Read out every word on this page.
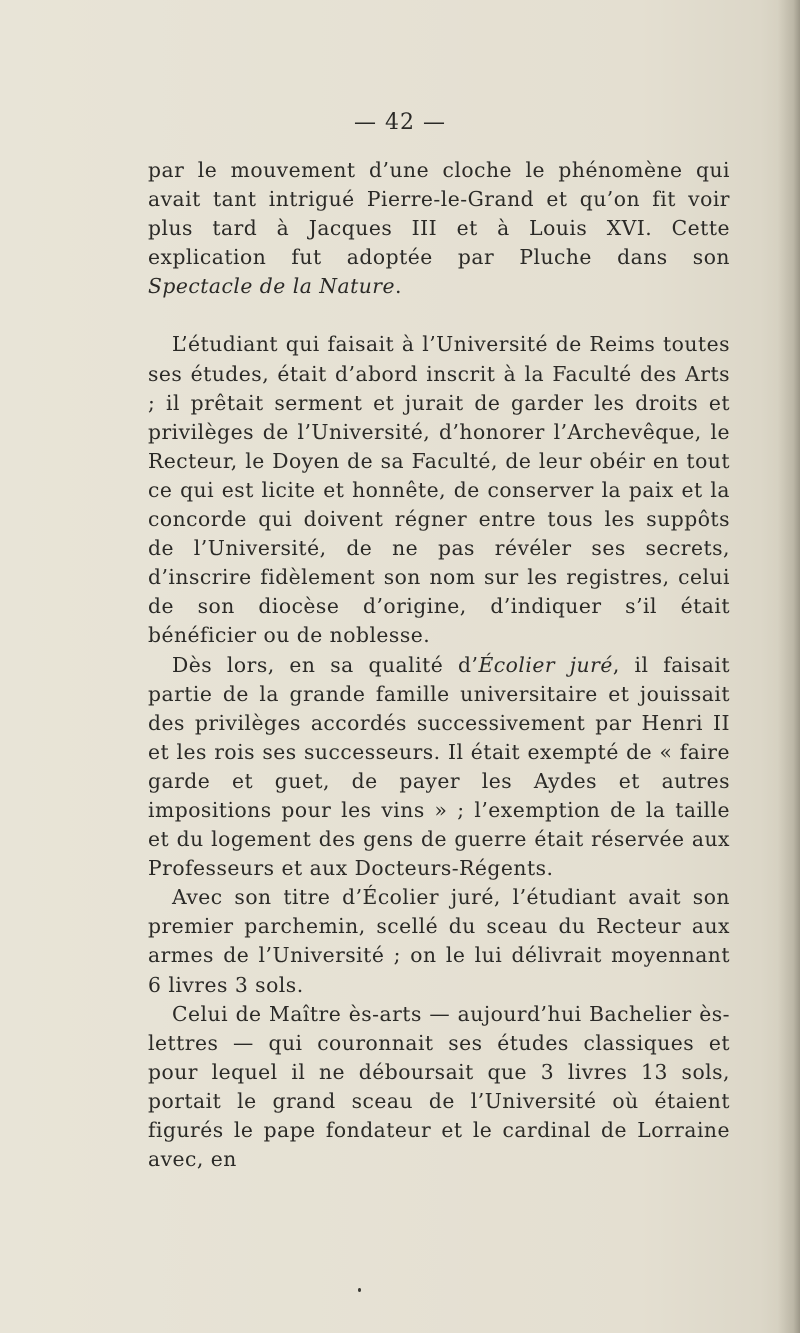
— 42 —

par le mouvement d’une cloche le phénomène qui avait tant intrigué Pierre-le-Grand et qu’on fit voir plus tard à Jacques III et à Louis XVI. Cette explication fut adoptée par Pluche dans son Spectacle de la Nature.

L’étudiant qui faisait à l’Université de Reims toutes ses études, était d’abord inscrit à la Faculté des Arts ; il prêtait serment et jurait de garder les droits et privilèges de l’Université, d’honorer l’Archevêque, le Recteur, le Doyen de sa Faculté, de leur obéir en tout ce qui est licite et honnête, de conserver la paix et la concorde qui doivent régner entre tous les suppôts de l’Université, de ne pas révéler ses secrets, d’inscrire fidèlement son nom sur les registres, celui de son diocèse d’origine, d’indiquer s’il était bénéficier ou de noblesse.

Dès lors, en sa qualité d’Écolier juré, il faisait partie de la grande famille universitaire et jouissait des privilèges accordés successivement par Henri II et les rois ses successeurs. Il était exempté de « faire garde et guet, de payer les Aydes et autres impositions pour les vins » ; l’exemption de la taille et du logement des gens de guerre était réservée aux Professeurs et aux Docteurs-Régents.

Avec son titre d’Écolier juré, l’étudiant avait son premier parchemin, scellé du sceau du Recteur aux armes de l’Université ; on le lui délivrait moyennant 6 livres 3 sols.

Celui de Maître ès-arts — aujourd’hui Bachelier ès-lettres — qui couronnait ses études classiques et pour lequel il ne déboursait que 3 livres 13 sols, portait le grand sceau de l’Université où étaient figurés le pape fondateur et le cardinal de Lorraine avec, en
